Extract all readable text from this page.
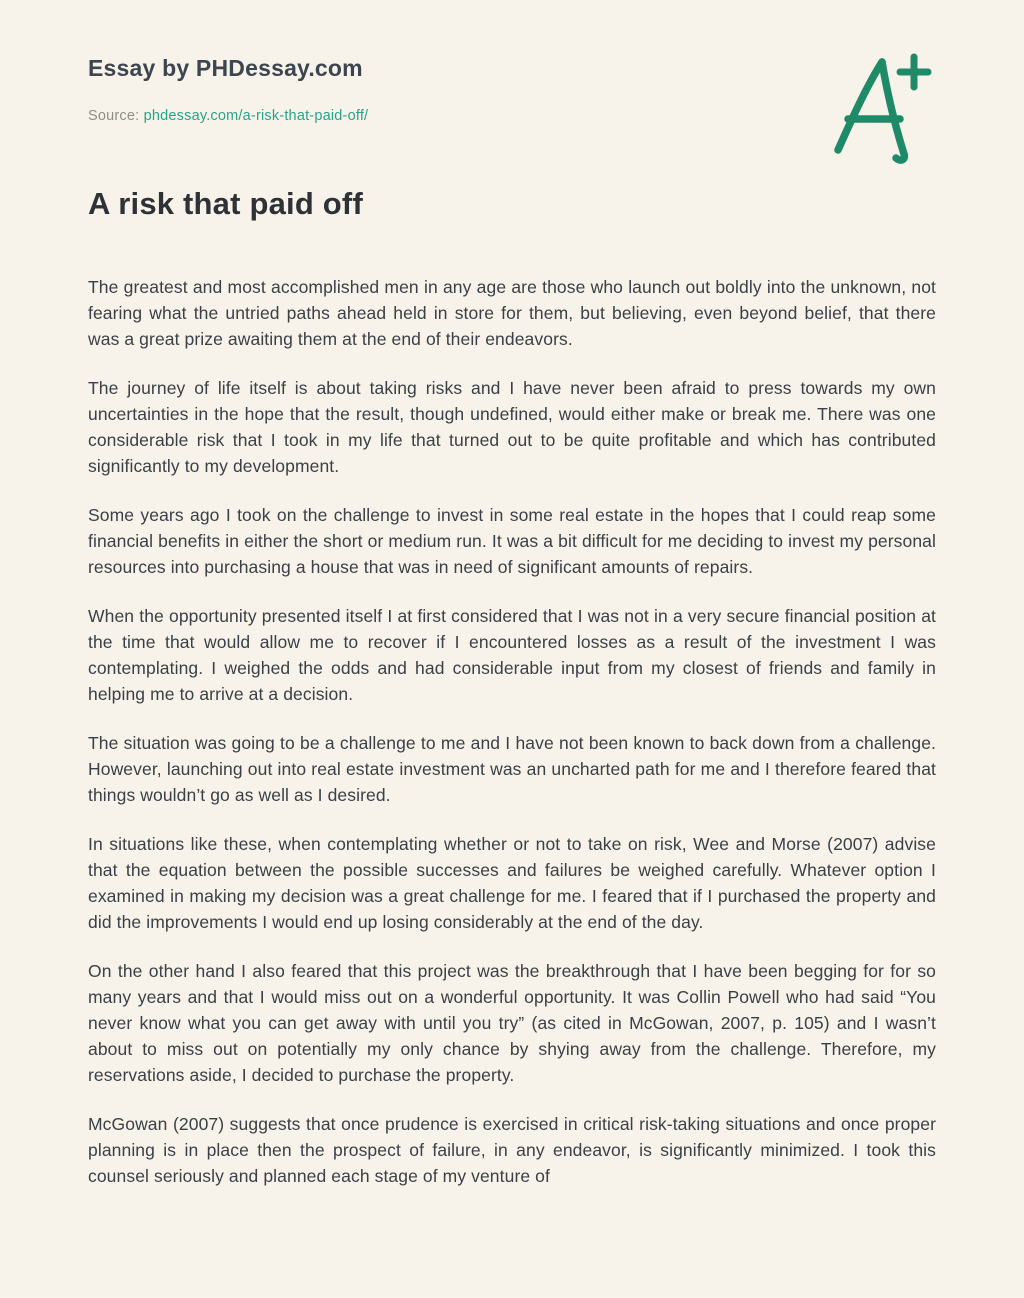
Essay by PHDessay.com

Source: phdessay.com/a-risk-that-paid-off/

A risk that paid off

The greatest and most accomplished men in any age are those who launch out boldly into the unknown, not fearing what the untried paths ahead held in store for them, but believing, even beyond belief, that there was a great prize awaiting them at the end of their endeavors.

The journey of life itself is about taking risks and I have never been afraid to press towards my own uncertainties in the hope that the result, though undefined, would either make or break me. There was one considerable risk that I took in my life that turned out to be quite profitable and which has contributed significantly to my development.

Some years ago I took on the challenge to invest in some real estate in the hopes that I could reap some financial benefits in either the short or medium run. It was a bit difficult for me deciding to invest my personal resources into purchasing a house that was in need of significant amounts of repairs.

When the opportunity presented itself I at first considered that I was not in a very secure financial position at the time that would allow me to recover if I encountered losses as a result of the investment I was contemplating. I weighed the odds and had considerable input from my closest of friends and family in helping me to arrive at a decision.

The situation was going to be a challenge to me and I have not been known to back down from a challenge. However, launching out into real estate investment was an uncharted path for me and I therefore feared that things wouldn’t go as well as I desired.

In situations like these, when contemplating whether or not to take on risk, Wee and Morse (2007) advise that the equation between the possible successes and failures be weighed carefully. Whatever option I examined in making my decision was a great challenge for me. I feared that if I purchased the property and did the improvements I would end up losing considerably at the end of the day.

On the other hand I also feared that this project was the breakthrough that I have been begging for for so many years and that I would miss out on a wonderful opportunity. It was Collin Powell who had said “You never know what you can get away with until you try” (as cited in McGowan, 2007, p. 105) and I wasn’t about to miss out on potentially my only chance by shying away from the challenge. Therefore, my reservations aside, I decided to purchase the property.

McGowan (2007) suggests that once prudence is exercised in critical risk-taking situations and once proper planning is in place then the prospect of failure, in any endeavor, is significantly minimized. I took this counsel seriously and planned each stage of my venture of
